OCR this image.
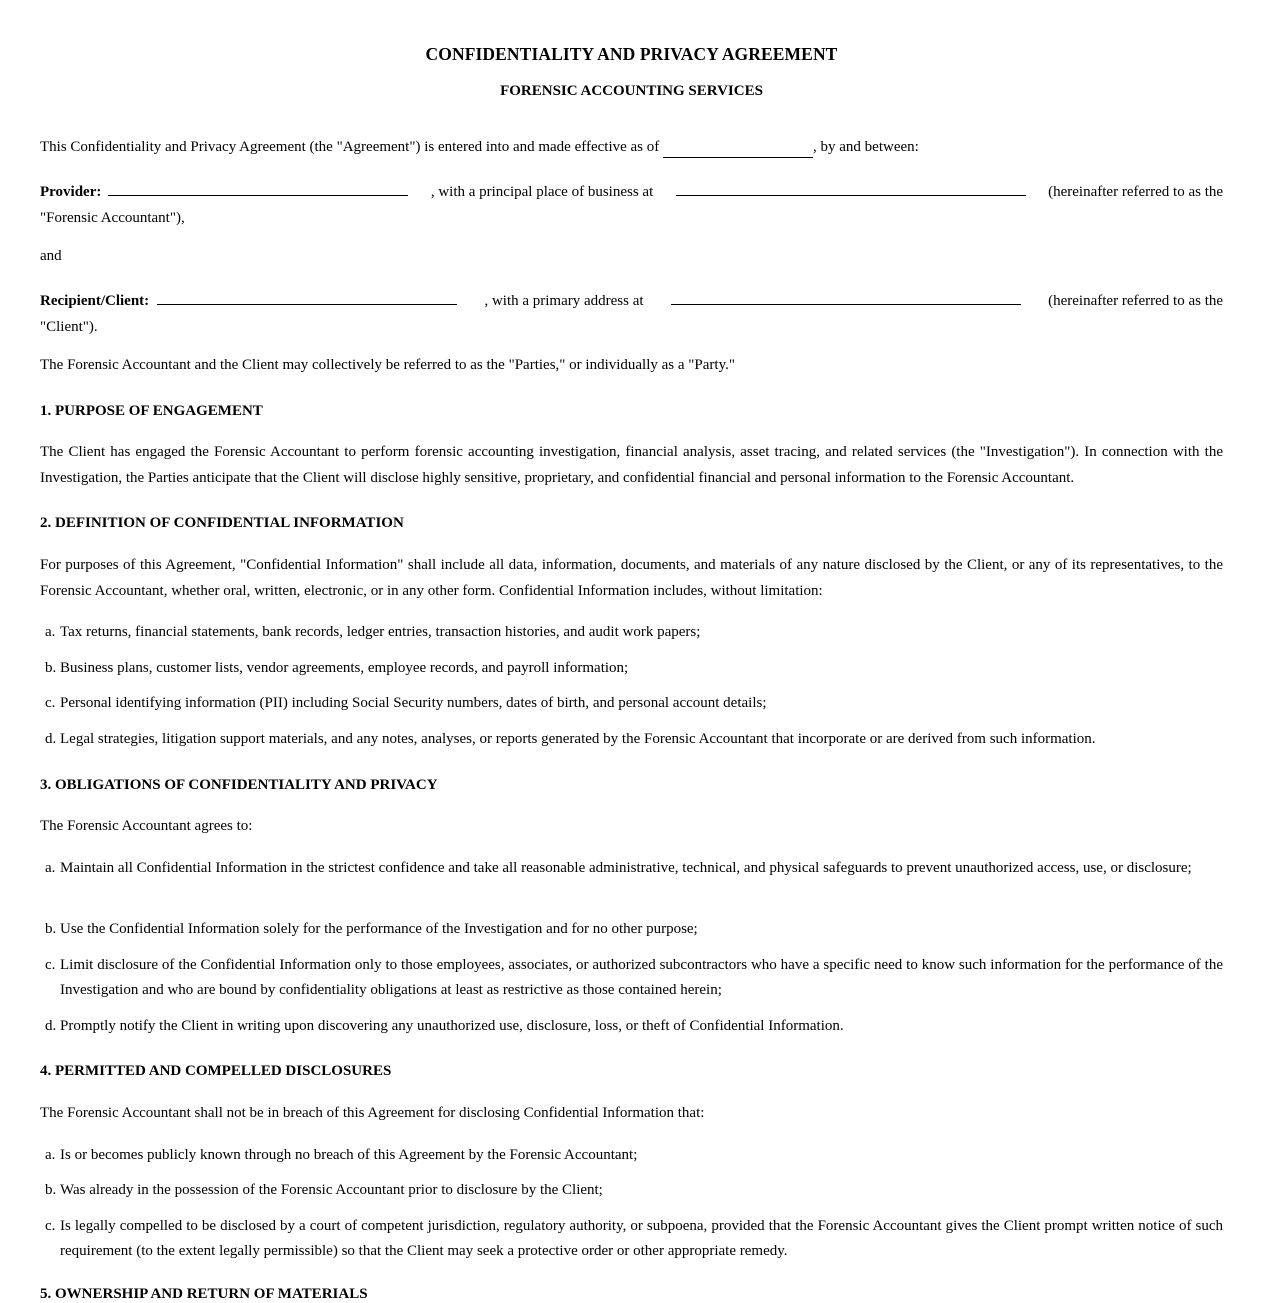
CONFIDENTIALITY AND PRIVACY AGREEMENT
FORENSIC ACCOUNTING SERVICES
This Confidentiality and Privacy Agreement (the "Agreement") is entered into and made effective as of	, by and between:
Provider:	, with a principal place of business at	(hereinafter referred to as the
"Forensic Accountant"),
and
Recipient/Client:	, with a primary address at	(hereinafter referred to as the
"Client").
The Forensic Accountant and the Client may collectively be referred to as the "Parties," or individually as a "Party."
1. PURPOSE OF ENGAGEMENT
The Client has engaged the Forensic Accountant to perform forensic accounting investigation, financial analysis, asset tracing, and related services (the "Investigation"). In connection with the Investigation, the Parties anticipate that the Client will disclose highly sensitive, proprietary, and confidential financial and personal information to the Forensic Accountant.
2. DEFINITION OF CONFIDENTIAL INFORMATION
For purposes of this Agreement, "Confidential Information" shall include all data, information, documents, and materials of any nature disclosed by the Client, or any of its representatives, to the Forensic Accountant, whether oral, written, electronic, or in any other form. Confidential Information includes, without limitation:
a. Tax returns, financial statements, bank records, ledger entries, transaction histories, and audit work papers;
b. Business plans, customer lists, vendor agreements, employee records, and payroll information;
c. Personal identifying information (PII) including Social Security numbers, dates of birth, and personal account details;
d. Legal strategies, litigation support materials, and any notes, analyses, or reports generated by the Forensic Accountant that incorporate or are derived from such information.
3. OBLIGATIONS OF CONFIDENTIALITY AND PRIVACY
The Forensic Accountant agrees to:
a. Maintain all Confidential Information in the strictest confidence and take all reasonable administrative, technical, and physical safeguards to prevent unauthorized access, use, or disclosure;
b. Use the Confidential Information solely for the performance of the Investigation and for no other purpose;
c. Limit disclosure of the Confidential Information only to those employees, associates, or authorized subcontractors who have a specific need to know such information for the performance of the Investigation and who are bound by confidentiality obligations at least as restrictive as those contained herein;
d. Promptly notify the Client in writing upon discovering any unauthorized use, disclosure, loss, or theft of Confidential Information.
4. PERMITTED AND COMPELLED DISCLOSURES
The Forensic Accountant shall not be in breach of this Agreement for disclosing Confidential Information that:
a. Is or becomes publicly known through no breach of this Agreement by the Forensic Accountant;
b. Was already in the possession of the Forensic Accountant prior to disclosure by the Client;
c. Is legally compelled to be disclosed by a court of competent jurisdiction, regulatory authority, or subpoena, provided that the Forensic Accountant gives the Client prompt written notice of such requirement (to the extent legally permissible) so that the Client may seek a protective order or other appropriate remedy.
5. OWNERSHIP AND RETURN OF MATERIALS
